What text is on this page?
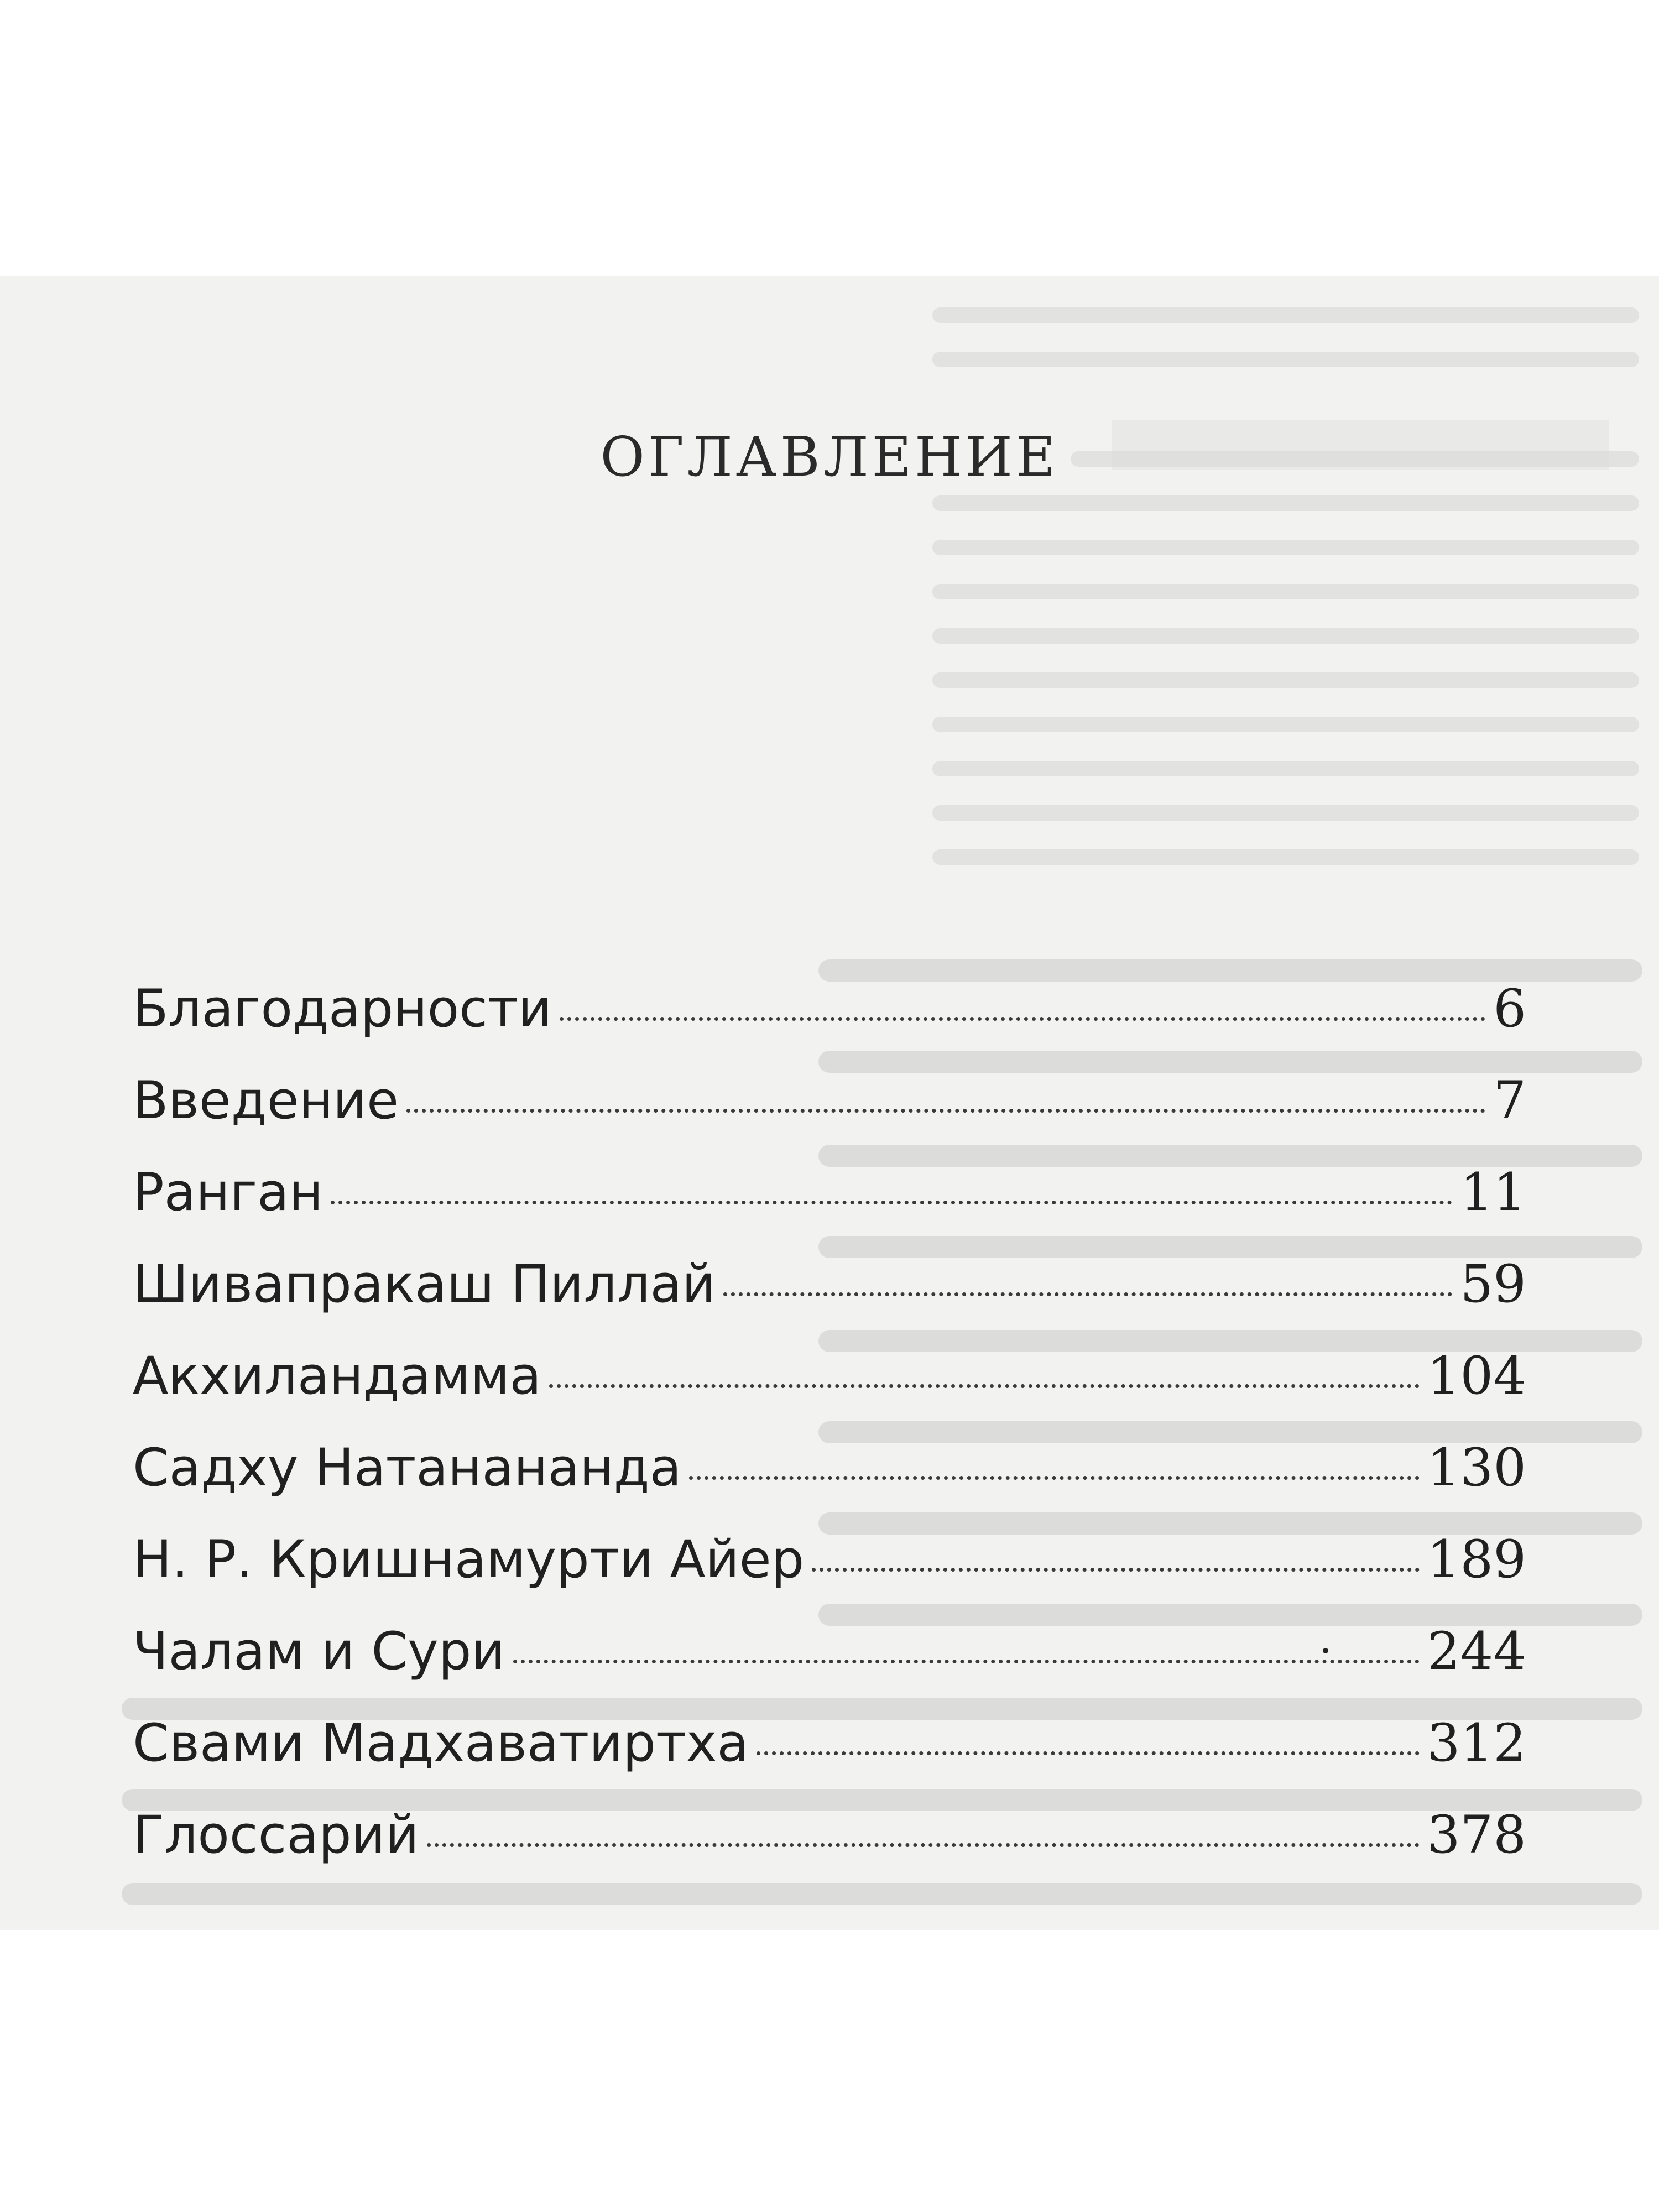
ОГЛАВЛЕНИЕ
Благодарности	6
Введение	7
Ранган	11
Шивапракаш Пиллай	59
Акхиландамма	104
Садху Натанананда	130
Н. Р. Кришнамурти Айер	189
Чалам и Сури	244
Свами Мадхаватиртха	312
Глоссарий	378
